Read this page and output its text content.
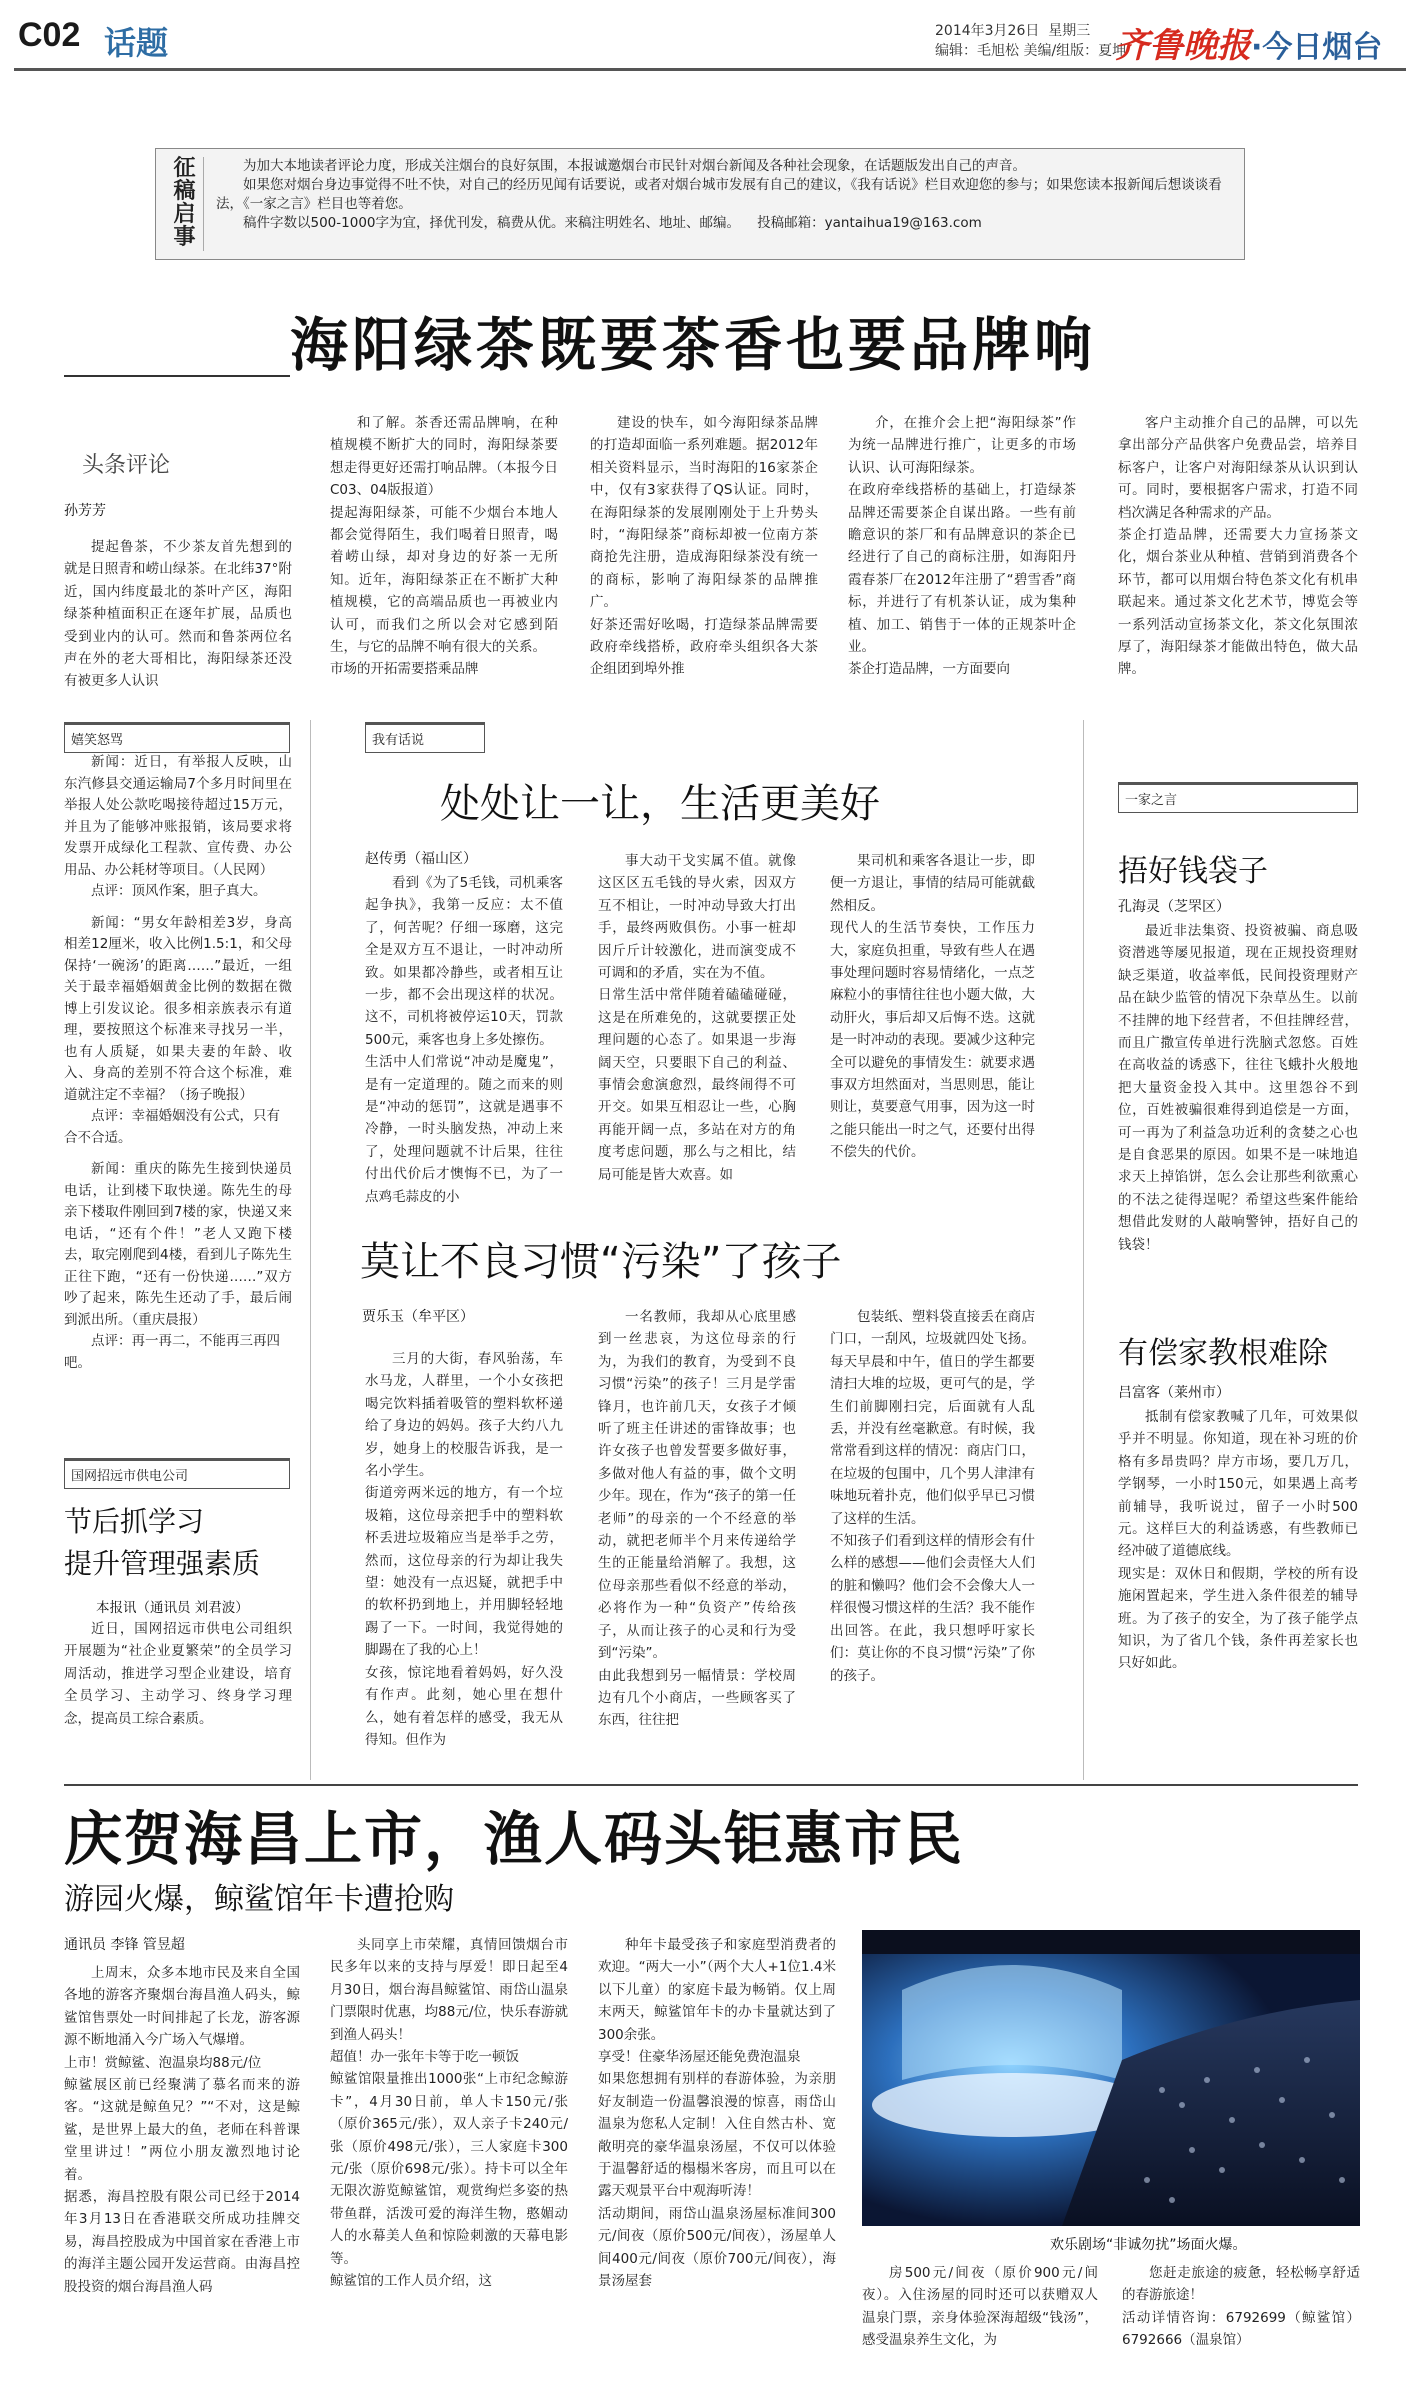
C02 话题	2014年3月26日 星期三
编辑：毛旭松 美编/组版：夏坤
齐鲁晚报·今日烟台
征稿启事
为加大本地读者评论力度，形成关注烟台的良好氛围，本报诚邀烟台市民针对烟台新闻及各种社会现象，在话题版发出自己的声音。
如果您对烟台身边事觉得不吐不快，对自己的经历见闻有话要说，或者对烟台城市发展有自己的建议，《我有话说》栏目欢迎您的参与；如果您读本报新闻后想谈谈看法，《一家之言》栏目也等着您。
稿件字数以500-1000字为宜，择优刊发，稿费从优。来稿注明姓名、地址、邮编。 投稿邮箱：yantaihua19@163.com
海阳绿茶既要茶香也要品牌响
头条评论
孙芳芳
提起鲁茶，不少茶友首先想到的就是日照青和崂山绿茶。在北纬37°附近，国内纬度最北的茶叶产区，海阳绿茶种植面积正在逐年扩展，品质也受到业内的认可。然而和鲁茶两位名声在外的老大哥相比，海阳绿茶还没有被更多人认识
和了解。茶香还需品牌响，在种植规模不断扩大的同时，海阳绿茶要想走得更好还需打响品牌。（本报今日C03、04版报道）
提起海阳绿茶，可能不少烟台本地人都会觉得陌生，我们喝着日照青，喝着崂山绿，却对身边的好茶一无所知。近年，海阳绿茶正在不断扩大种植规模，它的高端品质也一再被业内认可，而我们之所以会对它感到陌生，与它的品牌不响有很大的关系。
市场的开拓需要搭乘品牌
建设的快车，如今海阳绿茶品牌的打造却面临一系列难题。据2012年相关资料显示，当时海阳的16家茶企中，仅有3家获得了QS认证。同时，在海阳绿茶的发展刚刚处于上升势头时，“海阳绿茶”商标却被一位南方茶商抢先注册，造成海阳绿茶没有统一的商标，影响了海阳绿茶的品牌推广。
好茶还需好吆喝，打造绿茶品牌需要政府牵线搭桥，政府牵头组织各大茶企组团到埠外推
介，在推介会上把“海阳绿茶”作为统一品牌进行推广，让更多的市场认识、认可海阳绿茶。
在政府牵线搭桥的基础上，打造绿茶品牌还需要茶企自谋出路。一些有前瞻意识的茶厂和有品牌意识的茶企已经进行了自己的商标注册，如海阳丹霞春茶厂在2012年注册了“碧雪香”商标，并进行了有机茶认证，成为集种植、加工、销售于一体的正规茶叶企业。
茶企打造品牌，一方面要向
客户主动推介自己的品牌，可以先拿出部分产品供客户免费品尝，培养目标客户，让客户对海阳绿茶从认识到认可。同时，要根据客户需求，打造不同档次满足各种需求的产品。
茶企打造品牌，还需要大力宣扬茶文化，烟台茶业从种植、营销到消费各个环节，都可以用烟台特色茶文化有机串联起来。通过茶文化艺术节，博览会等一系列活动宣扬茶文化，茶文化氛围浓厚了，海阳绿茶才能做出特色，做大品牌。
嬉笑怒骂
新闻：近日，有举报人反映，山东汽修县交通运输局7个多月时间里在举报人处公款吃喝接待超过15万元，并且为了能够冲账报销，该局要求将发票开成绿化工程款、宣传费、办公用品、办公耗材等项目。（人民网）
点评：顶风作案，胆子真大。
新闻：“男女年龄相差3岁，身高相差12厘米，收入比例1.5:1，和父母保持‘一碗汤’的距离……”最近，一组关于最幸福婚姻黄金比例的数据在微博上引发议论。很多相亲族表示有道理，要按照这个标准来寻找另一半，也有人质疑，如果夫妻的年龄、收入、身高的差别不符合这个标准，难道就注定不幸福？（扬子晚报）
点评：幸福婚姻没有公式，只有合不合适。
新闻：重庆的陈先生接到快递员电话，让到楼下取快递。陈先生的母亲下楼取件刚回到7楼的家，快递又来电话，“还有个件！”老人又跑下楼去，取完刚爬到4楼，看到儿子陈先生正往下跑，“还有一份快递……”双方吵了起来，陈先生还动了手，最后闹到派出所。（重庆晨报）
点评：再一再二，不能再三再四吧。
国网招远市供电公司
节后抓学习
提升管理强素质
本报讯（通讯员 刘君波）
近日，国网招远市供电公司组织开展题为“社企业夏繁荣”的全员学习周活动，推进学习型企业建设，培育全员学习、主动学习、终身学习理念，提高员工综合素质。
我有话说
处处让一让，生活更美好
赵传勇（福山区）
看到《为了5毛钱，司机乘客起争执》，我第一反应：太不值了，何苦呢？仔细一琢磨，这完全是双方互不退让，一时冲动所致。如果都冷静些，或者相互让一步，都不会出现这样的状况。这不，司机将被停运10天，罚款500元，乘客也身上多处擦伤。
生活中人们常说“冲动是魔鬼”，是有一定道理的。随之而来的则是“冲动的惩罚”，这就是遇事不冷静，一时头脑发热，冲动上来了，处理问题就不计后果，往往付出代价后才懊悔不已，为了一点鸡毛蒜皮的小
事大动干戈实属不值。就像这区区五毛钱的导火索，因双方互不相让，一时冲动导致大打出手，最终两败俱伤。小事一桩却因斤斤计较激化，进而演变成不可调和的矛盾，实在为不值。
日常生活中常伴随着磕磕碰碰，这是在所难免的，这就要摆正处理问题的心态了。如果退一步海阔天空，只要眼下自己的利益、事情会愈演愈烈，最终闹得不可开交。如果互相忍让一些，心胸再能开阔一点，多站在对方的角度考虑问题，那么与之相比，结局可能是皆大欢喜。如
果司机和乘客各退让一步，即便一方退让，事情的结局可能就截然相反。
现代人的生活节奏快，工作压力大，家庭负担重，导致有些人在遇事处理问题时容易情绪化，一点芝麻粒小的事情往往也小题大做，大动肝火，事后却又后悔不迭。这就是一时冲动的表现。要减少这种完全可以避免的事情发生：就要求遇事双方坦然面对，当思则思，能让则让，莫要意气用事，因为这一时之能只能出一时之气，还要付出得不偿失的代价。
莫让不良习惯“污染”了孩子
贾乐玉（牟平区）
三月的大街，春风骀荡，车水马龙，人群里，一个小女孩把喝完饮料插着吸管的塑料软杯递给了身边的妈妈。孩子大约八九岁，她身上的校服告诉我，是一名小学生。
街道旁两米远的地方，有一个垃圾箱，这位母亲把手中的塑料软杯丢进垃圾箱应当是举手之劳，然而，这位母亲的行为却让我失望：她没有一点迟疑，就把手中的软杯扔到地上，并用脚轻轻地踢了一下。一时间，我觉得她的脚踢在了我的心上！
女孩，惊诧地看着妈妈，好久没有作声。此刻，她心里在想什么，她有着怎样的感受，我无从得知。但作为
一名教师，我却从心底里感到一丝悲哀，为这位母亲的行为，为我们的教育，为受到不良习惯“污染”的孩子！三月是学雷锋月，也许前几天，女孩子才倾听了班主任讲述的雷锋故事；也许女孩子也曾发誓要多做好事，多做对他人有益的事，做个文明少年。现在，作为“孩子的第一任老师”的母亲的一个不经意的举动，就把老师半个月来传递给学生的正能量给消解了。我想，这位母亲那些看似不经意的举动，必将作为一种“负资产”传给孩子，从而让孩子的心灵和行为受到“污染”。
由此我想到另一幅情景：学校周边有几个小商店，一些顾客买了东西，往往把
包装纸、塑料袋直接丢在商店门口，一刮风，垃圾就四处飞扬。每天早晨和中午，值日的学生都要清扫大堆的垃圾，更可气的是，学生们前脚刚扫完，后面就有人乱丢，并没有丝毫歉意。有时候，我常常看到这样的情况：商店门口，在垃圾的包围中，几个男人津津有味地玩着扑克，他们似乎早已习惯了这样的生活。
不知孩子们看到这样的情形会有什么样的感想——他们会责怪大人们的脏和懒吗？他们会不会像大人一样很慢习惯这样的生活？我不能作出回答。在此，我只想呼吁家长们：莫让你的不良习惯“污染”了你的孩子。
一家之言
捂好钱袋子
孔海灵（芝罘区）
最近非法集资、投资被骗、商息吸资潜逃等屡见报道，现在正规投资理财缺乏渠道，收益率低，民间投资理财产品在缺少监管的情况下杂草丛生。以前不挂牌的地下经营者，不但挂牌经营，而且广撒宣传单进行洗脑式忽悠。百姓在高收益的诱惑下，往往飞蛾扑火般地把大量资金投入其中。这里怨谷不到位，百姓被骗很难得到追偿是一方面，可一再为了利益急功近利的贪婪之心也是自食恶果的原因。如果不是一味地追求天上掉馅饼，怎么会让那些利欲熏心的不法之徒得逞呢？希望这些案件能给想借此发财的人敲响警钟，捂好自己的钱袋！
有偿家教根难除
吕富客（莱州市）
抵制有偿家教喊了几年，可效果似乎并不明显。你知道，现在补习班的价格有多昂贵吗？岸方市场，要几万几，学钢琴，一小时150元，如果遇上高考前辅导，我听说过，留子一小时500元。这样巨大的利益诱惑，有些教师已经冲破了道德底线。
现实是：双休日和假期，学校的所有设施闲置起来，学生进入条件很差的辅导班。为了孩子的安全，为了孩子能学点知识，为了省几个钱，条件再差家长也只好如此。
庆贺海昌上市，渔人码头钜惠市民
游园火爆，鲸鲨馆年卡遭抢购
通讯员 李锋 管昱超
上周末，众多本地市民及来自全国各地的游客齐聚烟台海昌渔人码头，鲸鲨馆售票处一时间排起了长龙，游客源源不断地涌入今广场入气爆增。
上市！赏鲸鲨、泡温泉均88元/位
鲸鲨展区前已经聚满了慕名而来的游客。“这就是鲸鱼兄？”“不对，这是鲸鲨，是世界上最大的鱼，老师在科普课堂里讲过！”两位小朋友激烈地讨论着。
据悉，海昌控股有限公司已经于2014年3月13日在香港联交所成功挂牌交易，海昌控股成为中国首家在香港上市的海洋主题公园开发运营商。由海昌控股投资的烟台海昌渔人码
头同享上市荣耀，真情回馈烟台市民多年以来的支持与厚爱！即日起至4月30日，烟台海昌鲸鲨馆、雨岱山温泉门票限时优惠，均88元/位，快乐春游就到渔人码头！
超值！办一张年卡等于吃一顿饭
鲸鲨馆限量推出1000张“上市纪念鲸游卡”，4月30日前，单人卡150元/张（原价365元/张），双人亲子卡240元/张（原价498元/张），三人家庭卡300元/张（原价698元/张）。持卡可以全年无限次游览鲸鲨馆，观赏绚烂多姿的热带鱼群，活泼可爱的海洋生物，憨媚动人的水幕美人鱼和惊险刺激的天幕电影等。
鲸鲨馆的工作人员介绍，这
种年卡最受孩子和家庭型消费者的欢迎。“两大一小”（两个大人+1位1.4米以下儿童）的家庭卡最为畅销。仅上周末两天，鲸鲨馆年卡的办卡量就达到了300余张。
享受！住豪华汤屋还能免费泡温泉
如果您想拥有别样的春游体验，为亲朋好友制造一份温馨浪漫的惊喜，雨岱山温泉为您私人定制！入住自然古朴、宽敞明亮的豪华温泉汤屋，不仅可以体验于温馨舒适的榻榻米客房，而且可以在露天观景平台中观海听涛！
活动期间，雨岱山温泉汤屋标准间300元/间夜（原价500元/间夜），汤屋单人间400元/间夜（原价700元/间夜），海景汤屋套
欢乐剧场“非诚勿扰”场面火爆。
房500元/间夜（原价900元/间夜）。入住汤屋的同时还可以获赠双人温泉门票，亲身体验深海超级“钱汤”，感受温泉养生文化，为
您赶走旅途的疲惫，轻松畅享舒适的春游旅途！
活动详情咨询：6792699（鲸鲨馆）6792666（温泉馆）
